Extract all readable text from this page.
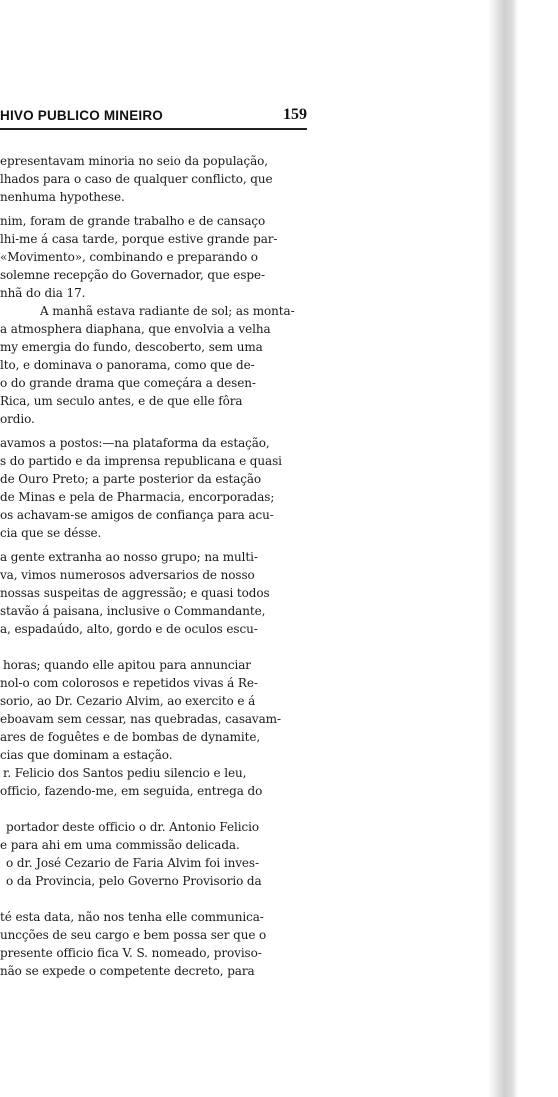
HIVO PUBLICO MINEIRO	159
epresentavam minoria no seio da população,
lhados para o caso de qualquer conflicto, que
nenhuma hypothese.
nim, foram de grande trabalho e de cansaço
lhi-me á casa tarde, porque estive grande par-
«Movimento», combinando e preparando o
solemne recepção do Governador, que espe-
nhã do dia 17.
A manhã estava radiante de sol; as monta-
a atmosphera diaphana, que envolvia a velha
my emergia do fundo, descoberto, sem uma
lto, e dominava o panorama, como que de-
o do grande drama que começára a desen-
Rica, um seculo antes, e de que elle fôra
ordio.
avamos a postos:—na plataforma da estação,
s do partido e da imprensa republicana e quasi
de Ouro Preto; a parte posterior da estação
de Minas e pela de Pharmacia, encorporadas;
os achavam-se amigos de confiança para acu-
cia que se désse.
a gente extranha ao nosso grupo; na multi-
va, vimos numerosos adversarios de nosso
nossas suspeitas de aggressão; e quasi todos
stavão á paisana, inclusive o Commandante,
a, espadaúdo, alto, gordo e de oculos escu-
horas; quando elle apitou para annunciar
nol-o com colorosos e repetidos vivas á Re-
sorio, ao Dr. Cezario Alvim, ao exercito e á
eboavam sem cessar, nas quebradas, casavam-
ares de foguêtes e de bombas de dynamite,
cias que dominam a estação.
r. Felicio dos Santos pediu silencio e leu,
officio, fazendo-me, em seguida, entrega do
portador deste officio o dr. Antonio Felicio
e para ahi em uma commissão delicada.
o dr. José Cezario de Faria Alvim foi inves-
o da Provincia, pelo Governo Provisorio da
té esta data, não nos tenha elle communica-
uncções de seu cargo e bem possa ser que o
presente officio fica V. S. nomeado, proviso-
não se expede o competente decreto, para
